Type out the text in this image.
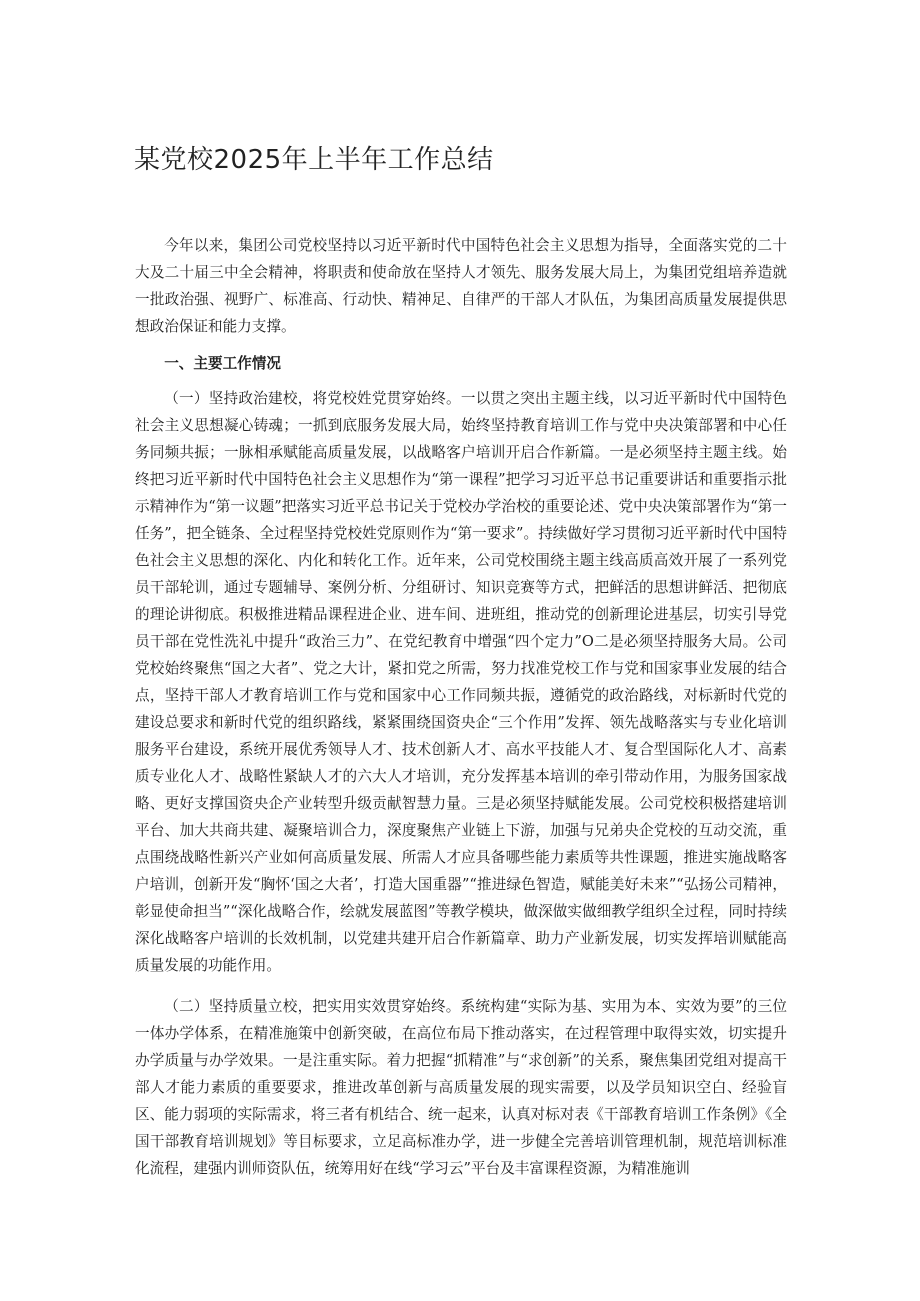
某党校2025年上半年工作总结

今年以来，集团公司党校坚持以习近平新时代中国特色社会主义思想为指导，全面落实党的二十大及二十届三中全会精神，将职责和使命放在坚持人才领先、服务发展大局上，为集团党组培养造就一批政治强、视野广、标准高、行动快、精神足、自律严的干部人才队伍，为集团高质量发展提供思想政治保证和能力支撑。

一、主要工作情况

（一）坚持政治建校，将党校姓党贯穿始终。一以贯之突出主题主线，以习近平新时代中国特色社会主义思想凝心铸魂；一抓到底服务发展大局，始终坚持教育培训工作与党中央决策部署和中心任务同频共振；一脉相承赋能高质量发展，以战略客户培训开启合作新篇。一是必须坚持主题主线。始终把习近平新时代中国特色社会主义思想作为“第一课程”把学习习近平总书记重要讲话和重要指示批示精神作为“第一议题”把落实习近平总书记关于党校办学治校的重要论述、党中央决策部署作为“第一任务”，把全链条、全过程坚持党校姓党原则作为“第一要求”。持续做好学习贯彻习近平新时代中国特色社会主义思想的深化、内化和转化工作。近年来，公司党校围绕主题主线高质高效开展了一系列党员干部轮训，通过专题辅导、案例分析、分组研讨、知识竞赛等方式，把鲜活的思想讲鲜活、把彻底的理论讲彻底。积极推进精品课程进企业、进车间、进班组，推动党的创新理论进基层，切实引导党员干部在党性洗礼中提升“政治三力”、在党纪教育中增强“四个定力”O二是必须坚持服务大局。公司党校始终聚焦“国之大者”、党之大计，紧扣党之所需，努力找准党校工作与党和国家事业发展的结合点，坚持干部人才教育培训工作与党和国家中心工作同频共振，遵循党的政治路线，对标新时代党的建设总要求和新时代党的组织路线，紧紧围绕国资央企“三个作用”发挥、领先战略落实与专业化培训服务平台建设，系统开展优秀领导人才、技术创新人才、高水平技能人才、复合型国际化人才、高素质专业化人才、战略性紧缺人才的六大人才培训，充分发挥基本培训的牵引带动作用，为服务国家战略、更好支撑国资央企产业转型升级贡献智慧力量。三是必须坚持赋能发展。公司党校积极搭建培训平台、加大共商共建、凝聚培训合力，深度聚焦产业链上下游，加强与兄弟央企党校的互动交流，重点围绕战略性新兴产业如何高质量发展、所需人才应具备哪些能力素质等共性课题，推进实施战略客户培训，创新开发“胸怀‘国之大者’，打造大国重器”“推进绿色智造，赋能美好未来”“弘扬公司精神，彰显使命担当”“深化战略合作，绘就发展蓝图”等教学模块，做深做实做细教学组织全过程，同时持续深化战略客户培训的长效机制，以党建共建开启合作新篇章、助力产业新发展，切实发挥培训赋能高质量发展的功能作用。

（二）坚持质量立校，把实用实效贯穿始终。系统构建“实际为基、实用为本、实效为要”的三位一体办学体系，在精准施策中创新突破，在高位布局下推动落实，在过程管理中取得实效，切实提升办学质量与办学效果。一是注重实际。着力把握“抓精准”与“求创新”的关系，聚焦集团党组对提高干部人才能力素质的重要要求，推进改革创新与高质量发展的现实需要，以及学员知识空白、经验盲区、能力弱项的实际需求，将三者有机结合、统一起来，认真对标对表《干部教育培训工作条例》《全国干部教育培训规划》等目标要求，立足高标准办学，进一步健全完善培训管理机制，规范培训标准化流程，建强内训师资队伍，统筹用好在线“学习云”平台及丰富课程资源，为精准施训
